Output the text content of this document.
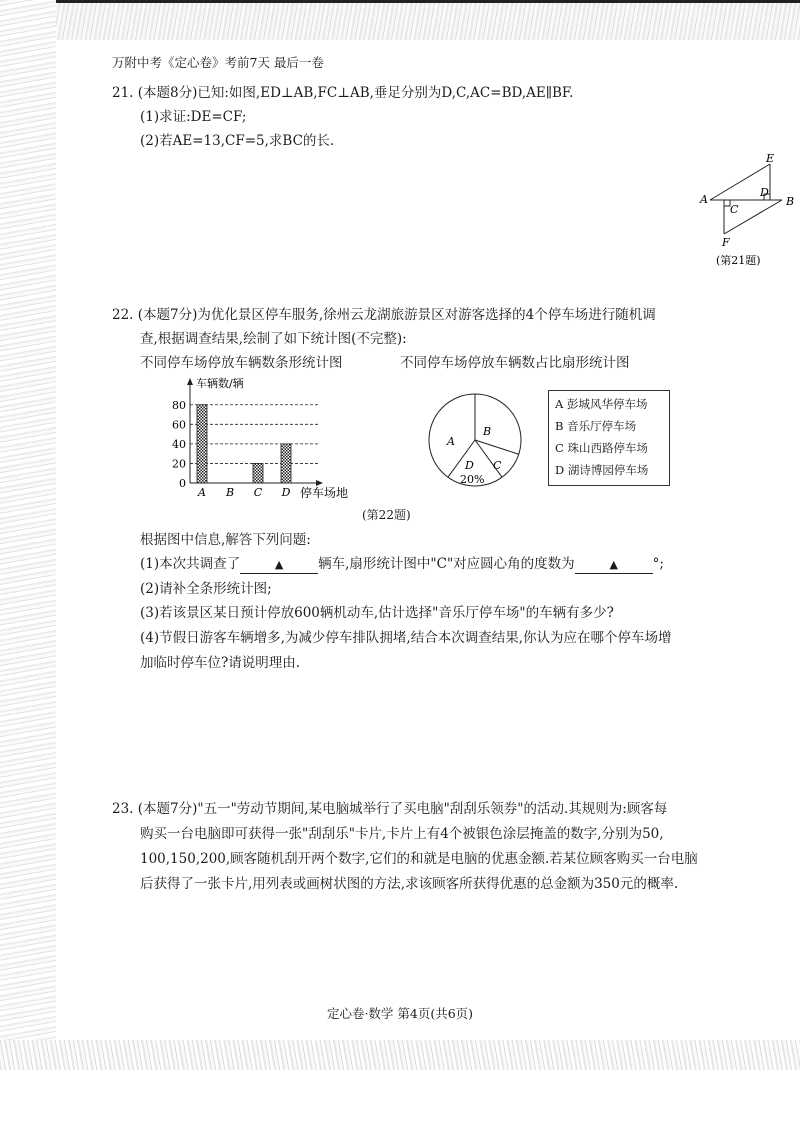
万附中考《定心卷》考前7天 最后一卷
21. (本题8分)已知:如图,ED⊥AB,FC⊥AB,垂足分别为D,C,AC=BD,AE∥BF.
(1)求证:DE=CF;
(2)若AE=13,CF=5,求BC的长.
E
A
D
B
C
F
(第21题)
22. (本题7分)为优化景区停车服务,徐州云龙湖旅游景区对游客选择的4个停车场进行随机调
查,根据调查结果,绘制了如下统计图(不完整):
不同停车场停放车辆数条形统计图	不同停车场停放车辆数占比扇形统计图
0
20
40
60
80
A B C D
车辆数/辆
停车场地
A
B
C
D
20%
A 彭城风华停车场
B 音乐厅停车场
C 珠山西路停车场
D 湖诗博园停车场
(第22题)
根据图中信息,解答下列问题:
(1)本次共调查了	▲	辆车,扇形统计图中"C"对应圆心角的度数为	▲	°;
(2)请补全条形统计图;
(3)若该景区某日预计停放600辆机动车,估计选择"音乐厅停车场"的车辆有多少?
(4)节假日游客车辆增多,为减少停车排队拥堵,结合本次调查结果,你认为应在哪个停车场增
加临时停车位?请说明理由.
23. (本题7分)"五一"劳动节期间,某电脑城举行了买电脑"刮刮乐领券"的活动.其规则为:顾客每
购买一台电脑即可获得一张"刮刮乐"卡片,卡片上有4个被银色涂层掩盖的数字,分别为50,
100,150,200,顾客随机刮开两个数字,它们的和就是电脑的优惠金额.若某位顾客购买一台电脑
后获得了一张卡片,用列表或画树状图的方法,求该顾客所获得优惠的总金额为350元的概率.
定心卷·数学 第4页(共6页)
